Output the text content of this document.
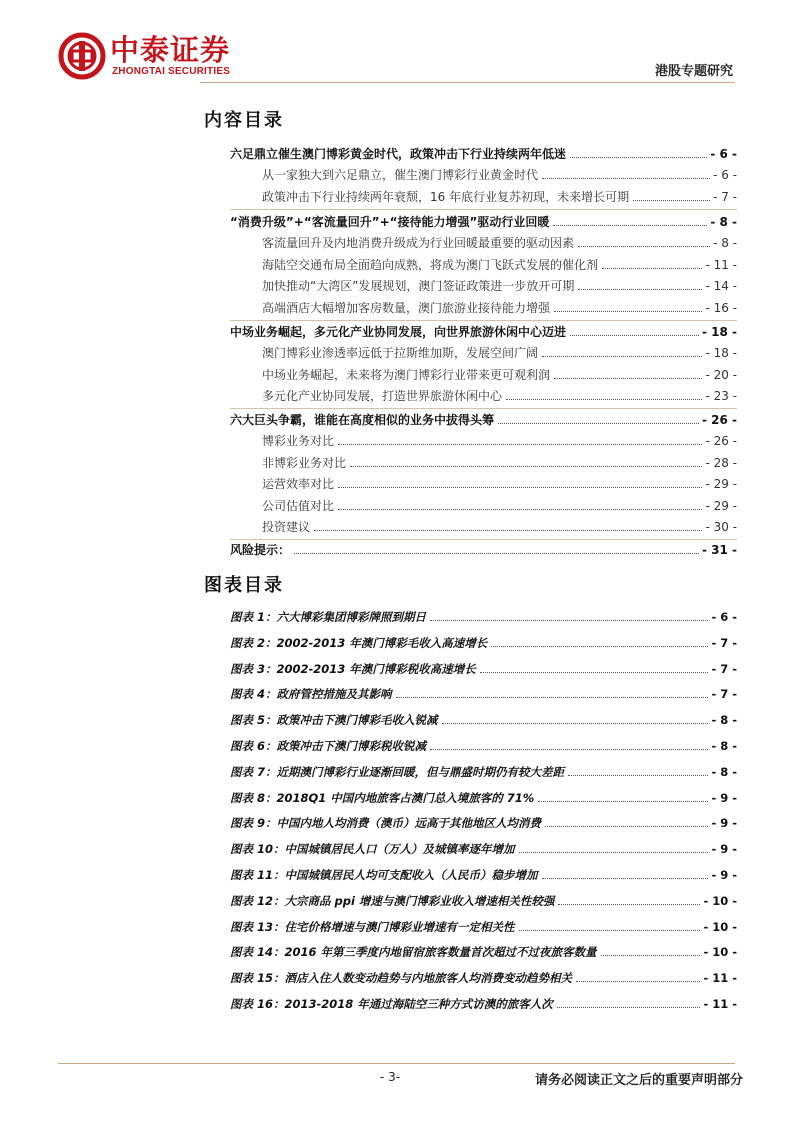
中泰证券
ZHONGTAI SECURITIES	港股专题研究
内容目录
六足鼎立催生澳门博彩黄金时代，政策冲击下行业持续两年低迷	- 6 -
从一家独大到六足鼎立，催生澳门博彩行业黄金时代	- 6 -
政策冲击下行业持续两年衰颓，16 年底行业复苏初现，未来增长可期	- 7 -
“消费升级”+“客流量回升”+“接待能力增强”驱动行业回暖	- 8 -
客流量回升及内地消费升级成为行业回暖最重要的驱动因素	- 8 -
海陆空交通布局全面趋向成熟，将成为澳门飞跃式发展的催化剂	- 11 -
加快推动“大湾区”发展规划，澳门签证政策进一步放开可期	- 14 -
高端酒店大幅增加客房数量，澳门旅游业接待能力增强	- 16 -
中场业务崛起，多元化产业协同发展，向世界旅游休闲中心迈进	- 18 -
澳门博彩业渗透率远低于拉斯维加斯，发展空间广阔	- 18 -
中场业务崛起，未来将为澳门博彩行业带来更可观利润	- 20 -
多元化产业协同发展，打造世界旅游休闲中心	- 23 -
六大巨头争霸，谁能在高度相似的业务中拔得头筹	- 26 -
博彩业务对比	- 26 -
非博彩业务对比	- 28 -
运营效率对比	- 29 -
公司估值对比	- 29 -
投资建议	- 30 -
风险提示：	- 31 -
图表目录
图表 1：六大博彩集团博彩牌照到期日	- 6 -
图表 2：2002-2013 年澳门博彩毛收入高速增长	- 7 -
图表 3：2002-2013 年澳门博彩税收高速增长	- 7 -
图表 4：政府管控措施及其影响	- 7 -
图表 5：政策冲击下澳门博彩毛收入锐减	- 8 -
图表 6：政策冲击下澳门博彩税收锐减	- 8 -
图表 7：近期澳门博彩行业逐渐回暖，但与鼎盛时期仍有较大差距	- 8 -
图表 8：2018Q1 中国内地旅客占澳门总入境旅客的 71%	- 9 -
图表 9：中国内地人均消费（澳币）远高于其他地区人均消费	- 9 -
图表 10：中国城镇居民人口（万人）及城镇率逐年增加	- 9 -
图表 11：中国城镇居民人均可支配收入（人民币）稳步增加	- 9 -
图表 12：大宗商品 ppi 增速与澳门博彩业收入增速相关性较强	- 10 -
图表 13：住宅价格增速与澳门博彩业增速有一定相关性	- 10 -
图表 14：2016 年第三季度内地留宿旅客数量首次超过不过夜旅客数量	- 10 -
图表 15：酒店入住人数变动趋势与内地旅客人均消费变动趋势相关	- 11 -
图表 16：2013-2018 年通过海陆空三种方式访澳的旅客人次	- 11 -
- 3-	请务必阅读正文之后的重要声明部分
